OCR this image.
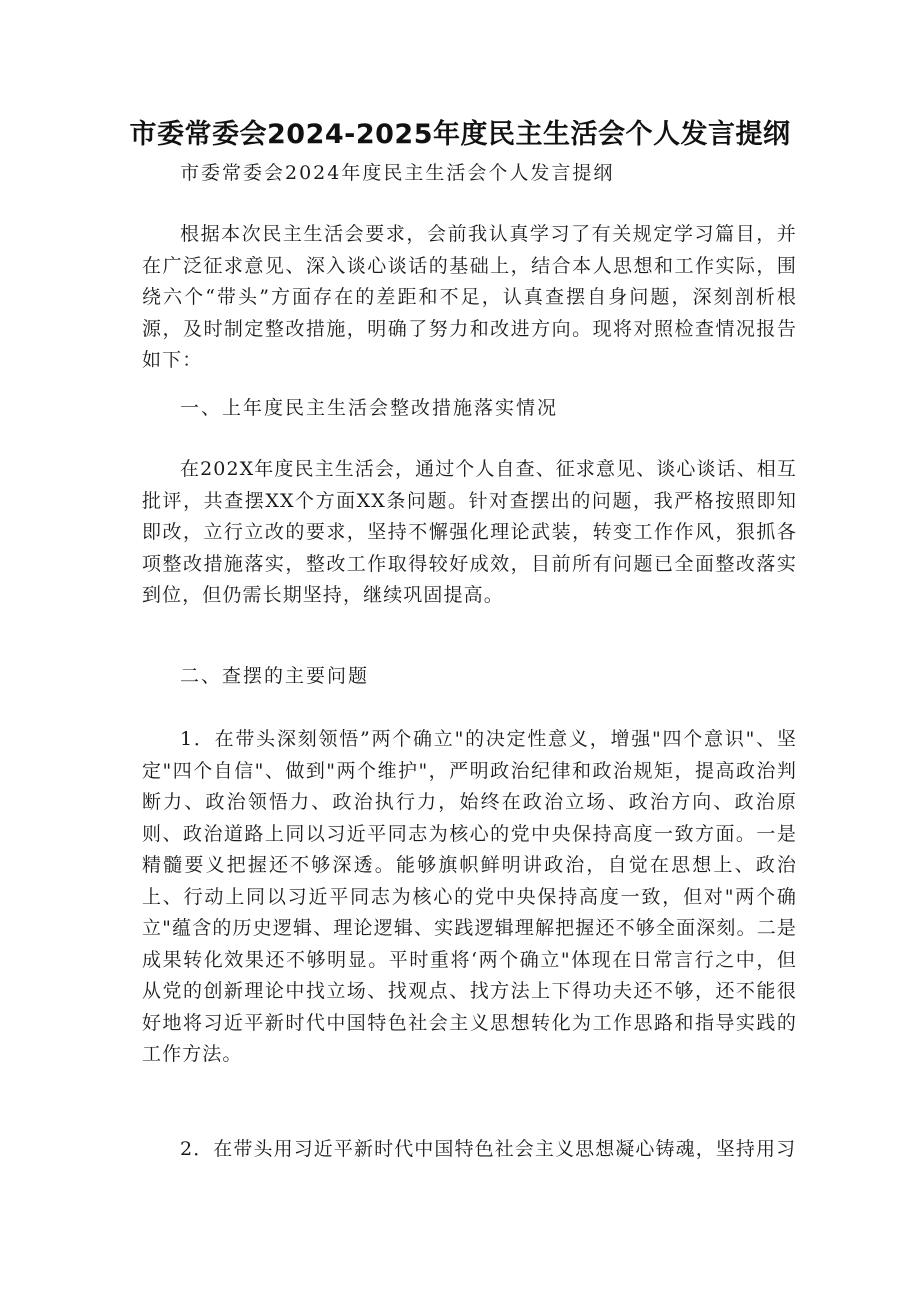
市委常委会2024-2025年度民主生活会个人发言提纲

市委常委会2024年度民主生活会个人发言提纲

根据本次民主生活会要求，会前我认真学习了有关规定学习篇目，并在广泛征求意见、深入谈心谈话的基础上，结合本人思想和工作实际，围绕六个“带头”方面存在的差距和不足，认真查摆自身问题，深刻剖析根源，及时制定整改措施，明确了努力和改进方向。现将对照检查情况报告如下：

一、上年度民主生活会整改措施落实情况

在202X年度民主生活会，通过个人自查、征求意见、谈心谈话、相互批评，共查摆XX个方面XX条问题。针对查摆出的问题，我严格按照即知即改，立行立改的要求，坚持不懈强化理论武装，转变工作作风，狠抓各项整改措施落实，整改工作取得较好成效，目前所有问题已全面整改落实到位，但仍需长期坚持，继续巩固提高。

二、查摆的主要问题

1．在带头深刻领悟”两个确立"的决定性意义，增强"四个意识"、坚定"四个自信"、做到"两个维护"，严明政治纪律和政治规矩，提高政治判断力、政治领悟力、政治执行力，始终在政治立场、政治方向、政治原则、政治道路上同以习近平同志为核心的党中央保持高度一致方面。一是精髓要义把握还不够深透。能够旗帜鲜明讲政治，自觉在思想上、政治上、行动上同以习近平同志为核心的党中央保持高度一致，但对"两个确立"蕴含的历史逻辑、理论逻辑、实践逻辑理解把握还不够全面深刻。二是成果转化效果还不够明显。平时重将‘两个确立"体现在日常言行之中，但从党的创新理论中找立场、找观点、找方法上下得功夫还不够，还不能很好地将习近平新时代中国特色社会主义思想转化为工作思路和指导实践的工作方法。

2．在带头用习近平新时代中国特色社会主义思想凝心铸魂，坚持用习
